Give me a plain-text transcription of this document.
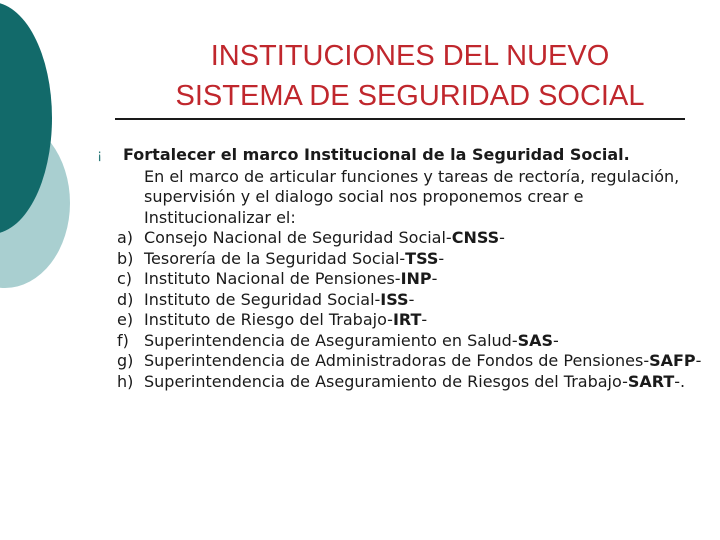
INSTITUCIONES DEL NUEVO
SISTEMA DE SEGURIDAD SOCIAL
¡	Fortalecer el marco Institucional de la Seguridad Social.
En el marco de articular funciones y tareas de rectoría, regulación, supervisión y el dialogo social nos proponemos crear e Institucionalizar el:
a) Consejo Nacional de Seguridad Social-CNSS-
b) Tesorería de la Seguridad Social-TSS-
c) Instituto Nacional de Pensiones-INP-
d) Instituto de Seguridad Social-ISS-
e) Instituto de Riesgo del Trabajo-IRT-
f) Superintendencia de Aseguramiento en Salud-SAS-
g) Superintendencia de Administradoras de Fondos de Pensiones-SAFP-
h) Superintendencia de Aseguramiento de Riesgos del Trabajo-SART-.
